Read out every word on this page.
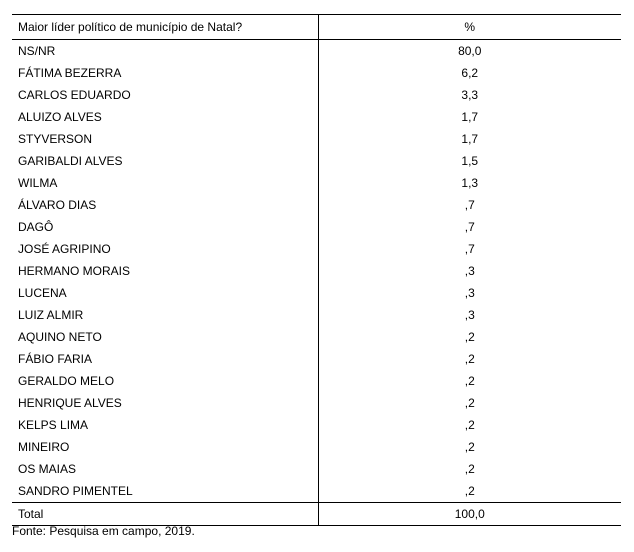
Maior líder político de município de Natal?	%
NS/NR	80,0
FÁTIMA BEZERRA	6,2
CARLOS EDUARDO	3,3
ALUIZO ALVES	1,7
STYVERSON	1,7
GARIBALDI ALVES	1,5
WILMA	1,3
ÁLVARO DIAS	,7
DAGÔ	,7
JOSÉ AGRIPINO	,7
HERMANO MORAIS	,3
LUCENA	,3
LUIZ ALMIR	,3
AQUINO NETO	,2
FÁBIO FARIA	,2
GERALDO MELO	,2
HENRIQUE ALVES	,2
KELPS LIMA	,2
MINEIRO	,2
OS MAIAS	,2
SANDRO PIMENTEL	,2
Total	100,0
Fonte: Pesquisa em campo, 2019.
